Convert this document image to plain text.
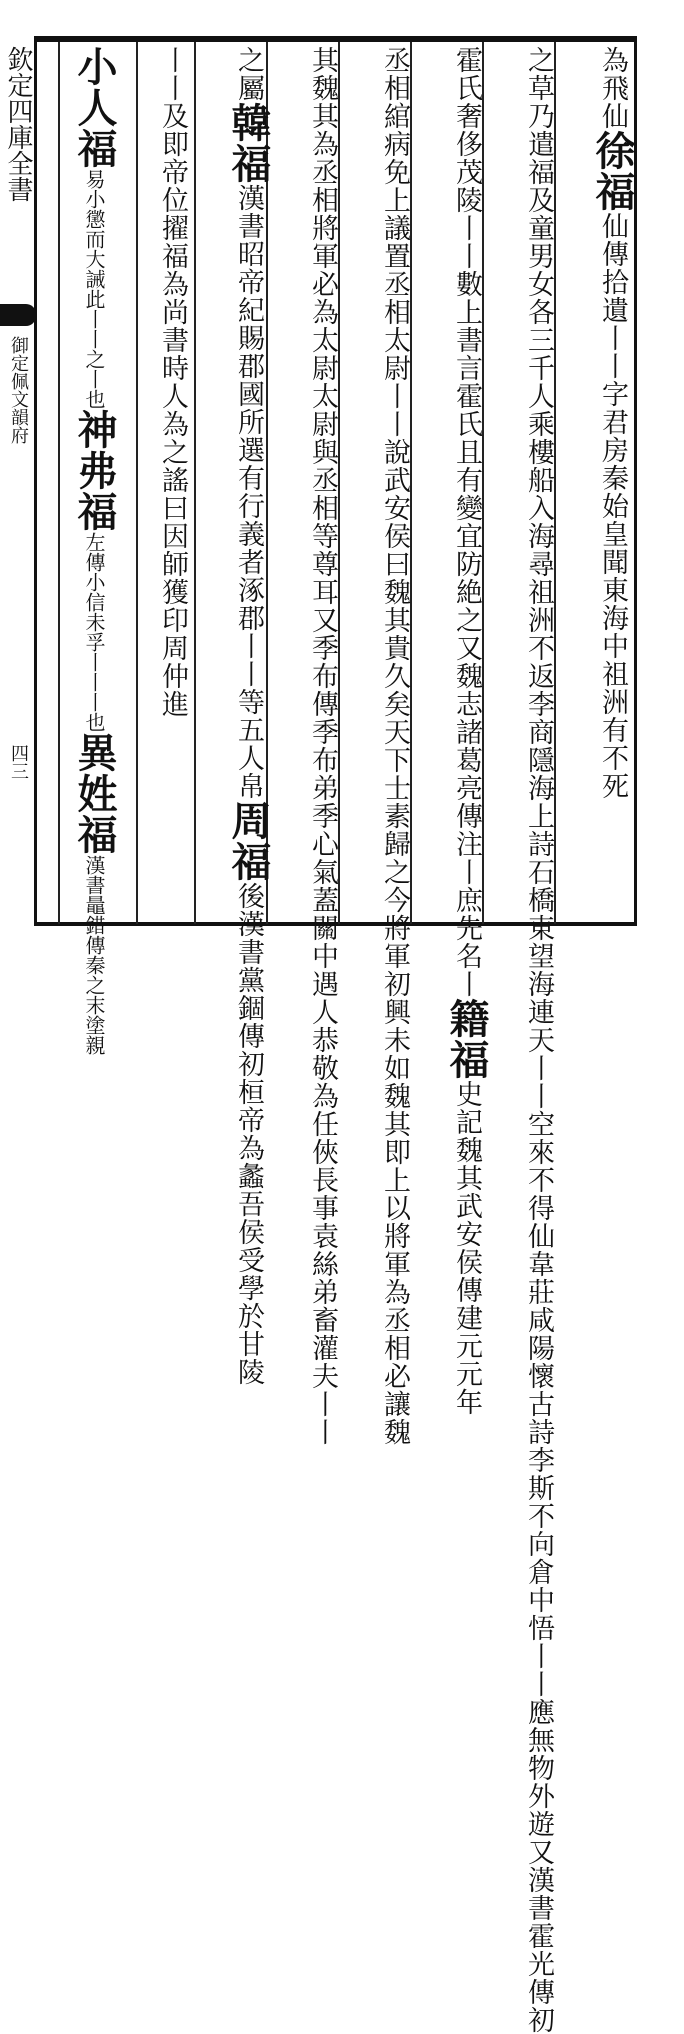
欽定四庫全書
御定佩文韻府
四三
為飛仙徐福仙傳拾遺丨丨字君房秦始皇聞東海中祖洲有不死
之草乃遣福及童男女各三千人乘樓船入海尋祖洲不返李商隱海上詩石橋東望海連天丨丨空來不得仙韋莊咸陽懷古詩李斯不向倉中悟丨丨應無物外遊又漢書霍光傳初
霍氏奢侈茂陵丨丨數上書言霍氏且有變宜防絶之又魏志諸葛亮傳注丨庶先名丨籍福史記魏其武安侯傳建元元年
丞相綰病免上議置丞相太尉丨丨說武安侯曰魏其貴久矣天下士素歸之今將軍初興未如魏其即上以將軍為丞相必讓魏
其魏其為丞相將軍必為太尉太尉與丞相等尊耳又季布傳季布弟季心氣蓋關中遇人恭敬為任俠長事袁絲弟畜灌夫丨丨
之屬韓福漢書昭帝紀賜郡國所選有行義者涿郡丨丨等五人帛周福後漢書黨錮傳初桓帝為蠡吾侯受學於甘陵
丨丨及即帝位擢福為尚書時人為之謠曰因師獲印周仲進
小人福易小懲而大誡此丨丨之丨也神弗福左傳小信未孚丨丨丨也異姓福漢書鼂錯傳秦之末塗親
